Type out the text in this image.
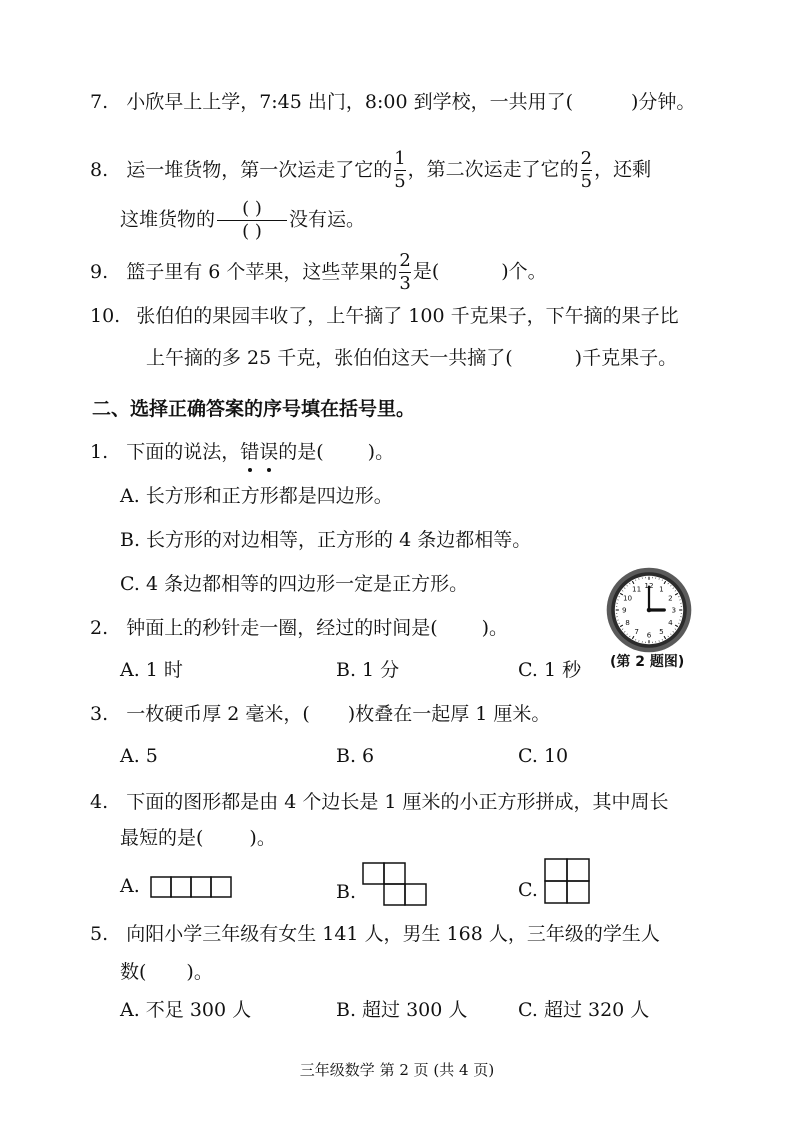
7. 小欣早上上学，7:45 出门，8:00 到学校，一共用了(	)分钟。
8. 运一堆货物，第一次运走了它的 $\frac{1}{5}$ ，第二次运走了它的 $\frac{2}{5}$ ，还剩
这堆货物的 $\frac{( )}{( )}$ 没有运。
9. 篮子里有 6 个苹果，这些苹果的 $\frac{2}{3}$ 是(	)个。
10. 张伯伯的果园丰收了，上午摘了 100 千克果子，下午摘的果子比
上午摘的多 25 千克，张伯伯这天一共摘了(	)千克果子。
二、选择正确答案的序号填在括号里。
1. 下面的说法，错误的是( )。
A. 长方形和正方形都是四边形。
B. 长方形的对边相等，正方形的 4 条边都相等。
C. 4 条边都相等的四边形一定是正方形。	12 1
2
3
4
5
6
7
8
9
10
11
(第 2 题图)
2. 钟面上的秒针走一圈，经过的时间是( )。
A. 1 时	B. 1 分	C. 1 秒
3. 一枚硬币厚 2 毫米，( )枚叠在一起厚 1 厘米。
A. 5	B. 6	C. 10
4. 下面的图形都是由 4 个边长是 1 厘米的小正方形拼成，其中周长
最短的是( )。
A.	B.	C.
5. 向阳小学三年级有女生 141 人，男生 168 人，三年级的学生人
数( )。
A. 不足 300 人	B. 超过 300 人	C. 超过 320 人
三年级数学 第 2 页 (共 4 页)
